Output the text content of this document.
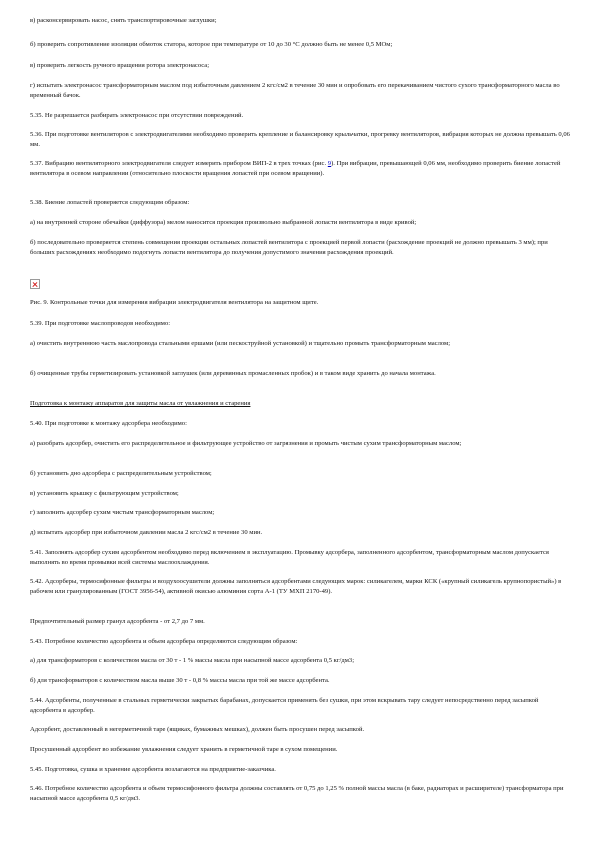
в) расконсервировать насос, снять транспортировочные заглушки;

б) проверить сопротивление изоляции обмоток статора, которое при температуре от 10 до 30 °С должно быть не менее 0,5 МОм;

в) проверить легкость ручного вращения ротора электронасоса;

г) испытать электронасос трансформаторным маслом под избыточным давлением 2 кгс/см2 в течение 30 мин и опробовать его перекачиванием чистого сухого трансформаторного масла во временный бачок.

5.35. Не разрешается разбирать электронасос при отсутствии повреждений.

5.36. При подготовке вентиляторов с электродвигателями необходимо проверить крепление и балансировку крыльчатки, прогревку вентиляторов, вибрация которых не должна превышать 0,06 мм.

5.37. Вибрацию вентиляторного электродвигателя следует измерить прибором ВИП-2 в трех точках (рис. 9). При вибрации, превышающей 0,06 мм, необходимо проверить биение лопастей вентилятора в осевом направлении (относительно плоскости вращения лопастей при осевом вращении).

5.38. Биение лопастей проверяется следующим образом:

а) на внутренней стороне обечайки (диффузора) мелом наносится проекция произвольно выбранной лопасти вентилятора в виде кривой;

б) последовательно проверяется степень совмещения проекции остальных лопастей вентилятора с проекцией первой лопасти (расхождение проекций не должно превышать 3 мм); при больших расхождениях необходимо подогнуть лопасти вентилятора до получения допустимого значения расхождения проекций.

Рис. 9. Контрольные точки для измерения вибрации электродвигателя вентилятора на защитном щите.

5.39. При подготовке маслопроводов необходимо:

а) очистить внутреннюю часть маслопровода стальными ершами (или пескоструйной установкой) и тщательно промыть трансформаторным маслом;

б) очищенные трубы герметизировать установкой заглушек (или деревянных промасленных пробок) и в таком виде хранить до начала монтажа.

Подготовка к монтажу аппаратов для защиты масла от увлажнения и старения

5.40. При подготовке к монтажу адсорбера необходимо:

а) разобрать адсорбер, очистить его распределительное и фильтрующее устройство от загрязнения и промыть чистым сухим трансформаторным маслом;

б) установить дно адсорбера с распределительным устройством;

в) установить крышку с фильтрующим устройством;

г) заполнить адсорбер сухим чистым трансформаторным маслом;

д) испытать адсорбер при избыточном давлении масла 2 кгс/см2 в течение 30 мин.

5.41. Заполнять адсорбер сухим адсорбентом необходимо перед включением в эксплуатацию. Промывку адсорбера, заполненного адсорбентом, трансформаторным маслом допускается выполнять во время промывки всей системы маслоохлаждения.

5.42. Адсорберы, термосифонные фильтры и воздухоосушители должны заполняться адсорбентами следующих марок: силикагелем, марки КСК («крупный силикагель крупнопористый») в рабочем или гранулированным (ГОСТ 3956-54), активной окисью алюминия сорта А-1 (ТУ МХП 2170-49).

Предпочтительный размер гранул адсорбента - от 2,7 до 7 мм.

5.43. Потребное количество адсорбента и объем адсорбера определяются следующим образом:

а) для трансформаторов с количеством масла от 30 т - 1 % массы масла при насыпной массе адсорбента 0,5 кг/дм3;

б) для трансформаторов с количеством масла выше 30 т - 0,8 % массы масла при той же массе адсорбента.

5.44. Адсорбенты, полученные в стальных герметически закрытых барабанах, допускается применять без сушки, при этом вскрывать тару следует непосредственно перед засыпкой адсорбента в адсорбер.

Адсорбент, доставленный в негерметичной таре (ящиках, бумажных мешках), должен быть просушен перед засыпкой.

Просушенный адсорбент во избежание увлажнения следует хранить в герметичной таре в сухом помещении.

5.45. Подготовка, сушка и хранение адсорбента возлагаются на предприятие-заказчика.

5.46. Потребное количество адсорбента и объем термосифонного фильтра должны составлять от 0,75 до 1,25 % полной массы масла (в баке, радиаторах и расширителе) трансформатора при насыпной массе адсорбента 0,5 кг/дм3.
